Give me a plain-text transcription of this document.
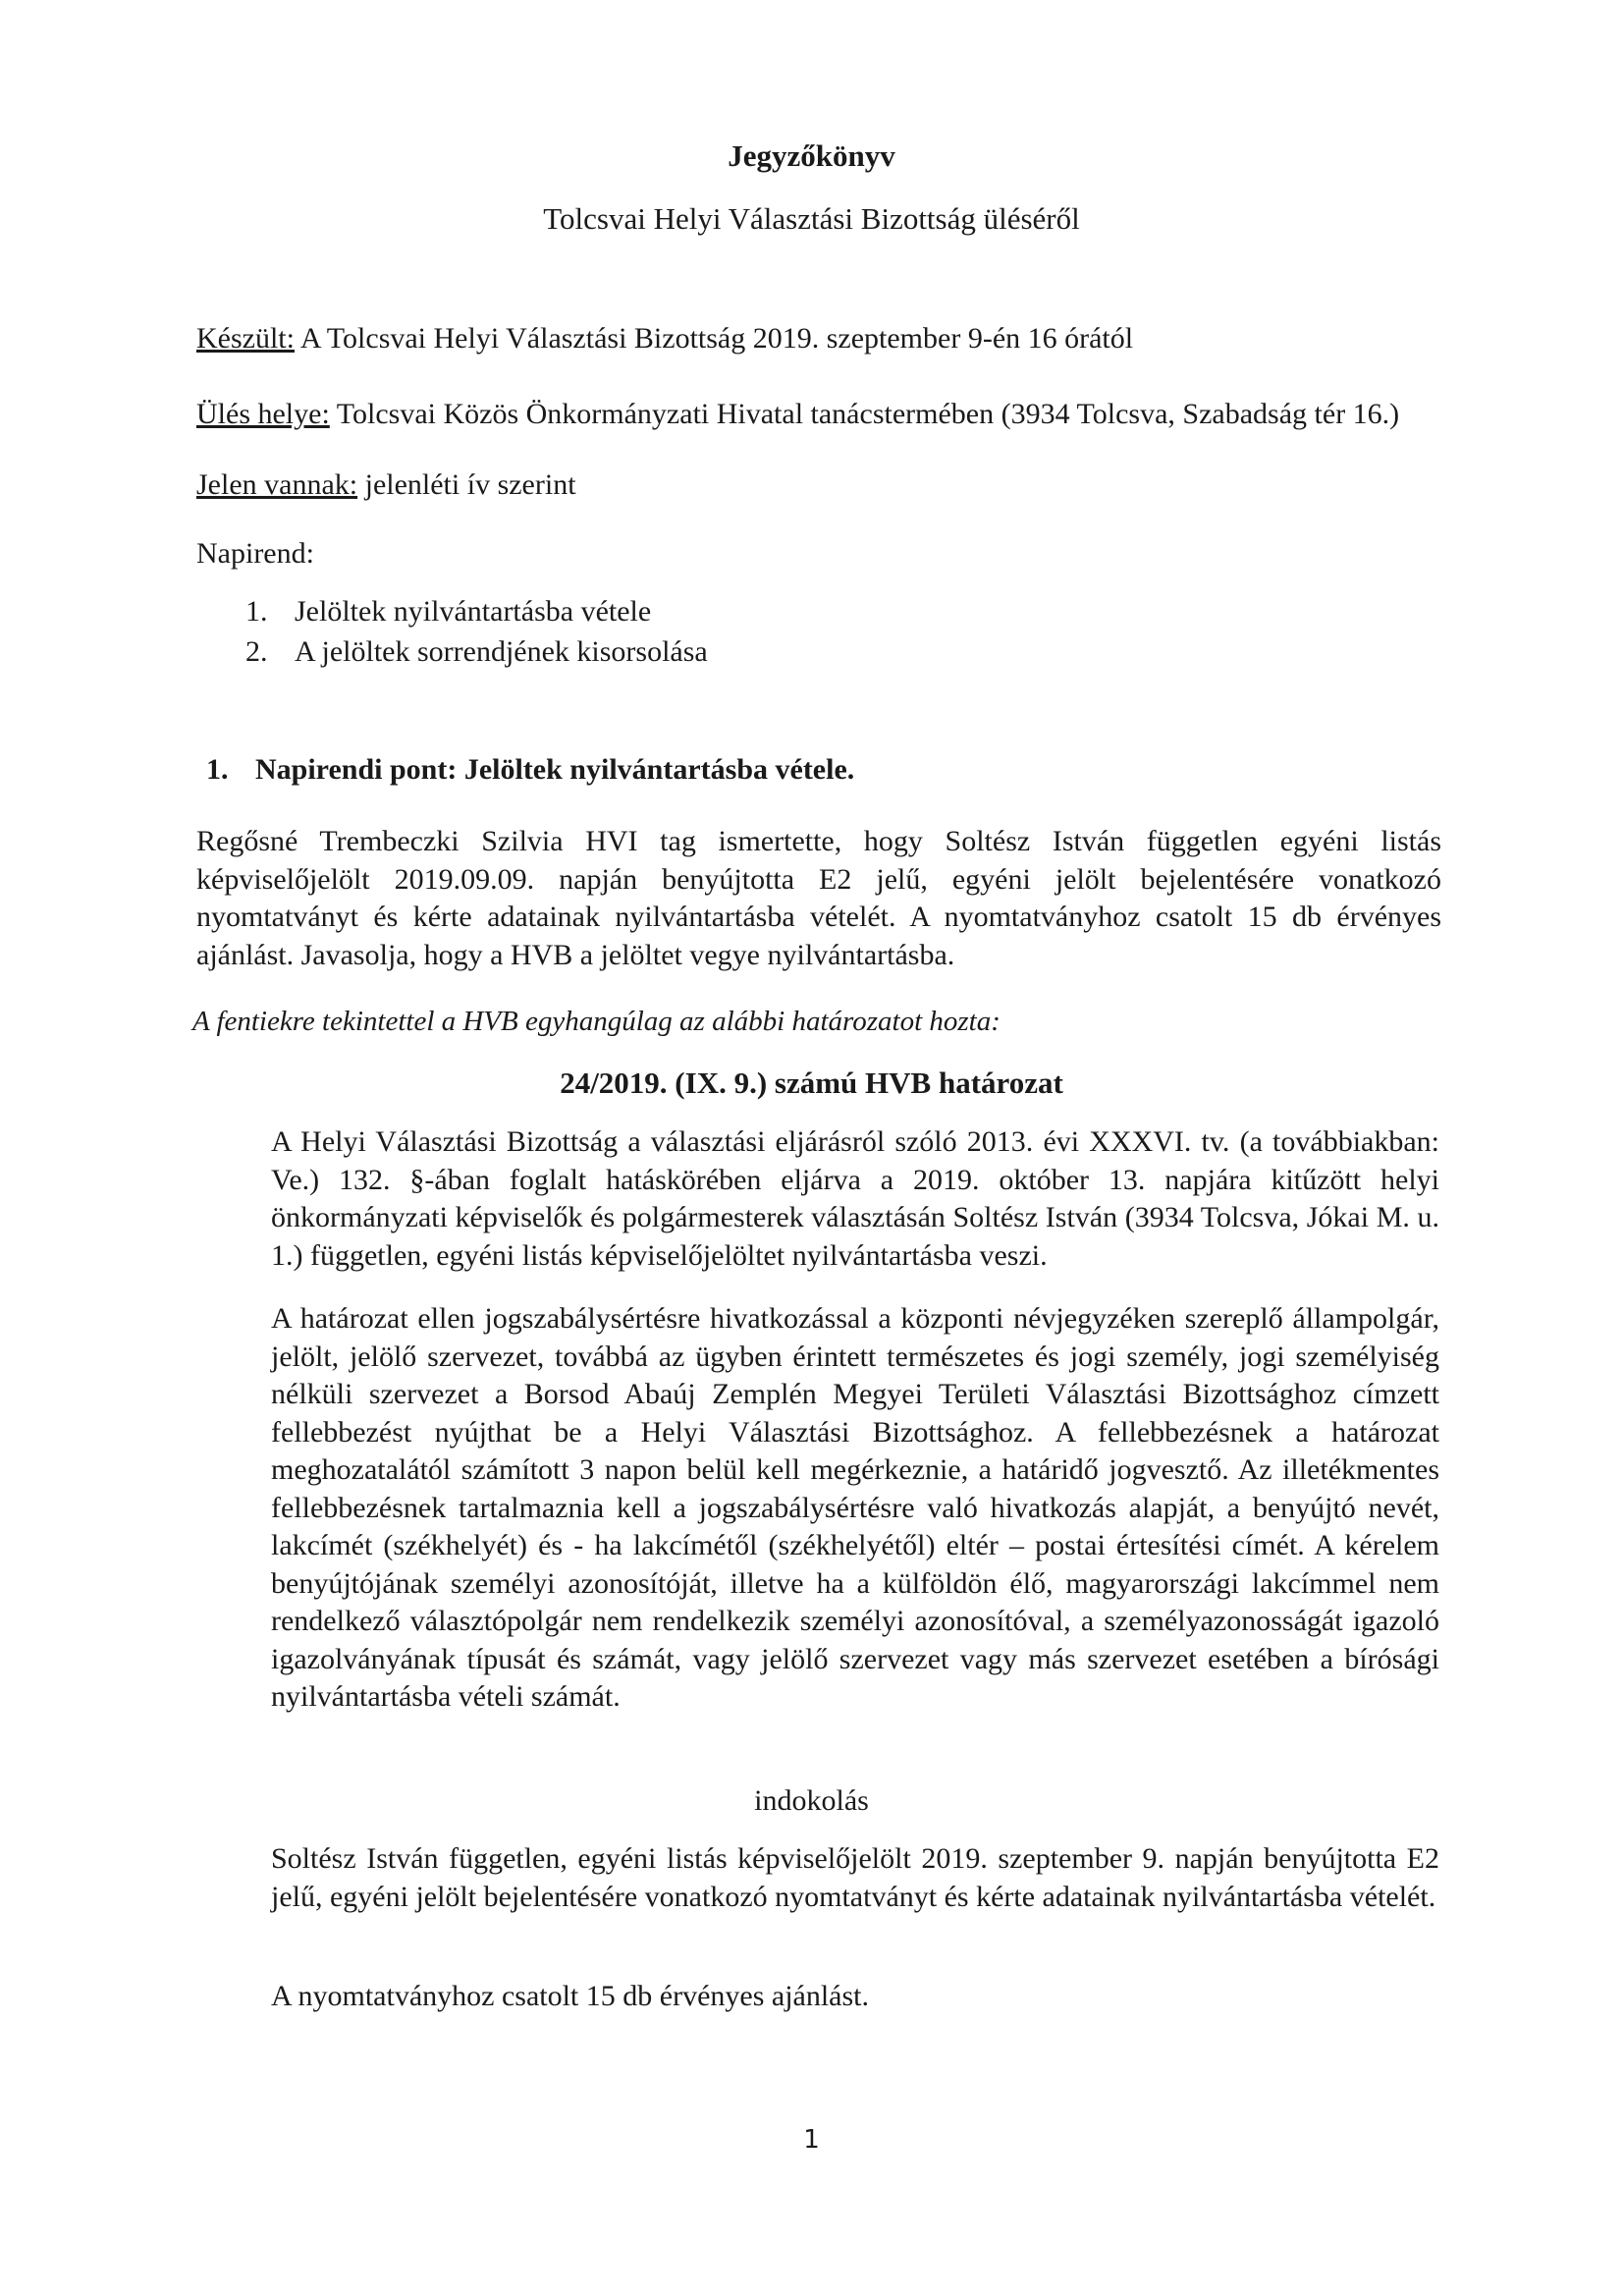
Jegyzőkönyv
Tolcsvai Helyi Választási Bizottság üléséről
Készült: A Tolcsvai Helyi Választási Bizottság 2019. szeptember 9-én 16 órától
Ülés helye: Tolcsvai Közös Önkormányzati Hivatal tanácstermében (3934 Tolcsva, Szabadság tér 16.)
Jelen vannak: jelenléti ív szerint
Napirend:
1. Jelöltek nyilvántartásba vétele
2. A jelöltek sorrendjének kisorsolása
1. Napirendi pont: Jelöltek nyilvántartásba vétele.

Regősné Trembeczki Szilvia HVI tag ismertette, hogy Soltész István független egyéni listás képviselőjelölt 2019.09.09. napján benyújtotta E2 jelű, egyéni jelölt bejelentésére vonatkozó nyomtatványt és kérte adatainak nyilvántartásba vételét. A nyomtatványhoz csatolt 15 db érvényes ajánlást. Javasolja, hogy a HVB a jelöltet vegye nyilvántartásba.

A fentiekre tekintettel a HVB egyhangúlag az alábbi határozatot hozta:
24/2019. (IX. 9.) számú HVB határozat

A Helyi Választási Bizottság a választási eljárásról szóló 2013. évi XXXVI. tv. (a továbbiakban: Ve.) 132. §-ában foglalt hatáskörében eljárva a 2019. október 13. napjára kitűzött helyi önkormányzati képviselők és polgármesterek választásán Soltész István (3934 Tolcsva, Jókai M. u. 1.) független, egyéni listás képviselőjelöltet nyilvántartásba veszi.

A határozat ellen jogszabálysértésre hivatkozással a központi névjegyzéken szereplő állampolgár, jelölt, jelölő szervezet, továbbá az ügyben érintett természetes és jogi személy, jogi személyiség nélküli szervezet a Borsod Abaúj Zemplén Megyei Területi Választási Bizottsághoz címzett fellebbezést nyújthat be a Helyi Választási Bizottsághoz. A fellebbezésnek a határozat meghozatalától számított 3 napon belül kell megérkeznie, a határidő jogvesztő. Az illetékmentes fellebbezésnek tartalmaznia kell a jogszabálysértésre való hivatkozás alapját, a benyújtó nevét, lakcímét (székhelyét) és - ha lakcímétől (székhelyétől) eltér – postai értesítési címét. A kérelem benyújtójának személyi azonosítóját, illetve ha a külföldön élő, magyarországi lakcímmel nem rendelkező választópolgár nem rendelkezik személyi azonosítóval, a személyazonosságát igazoló igazolványának típusát és számát, vagy jelölő szervezet vagy más szervezet esetében a bírósági nyilvántartásba vételi számát.

indokolás

Soltész István független, egyéni listás képviselőjelölt 2019. szeptember 9. napján benyújtotta E2 jelű, egyéni jelölt bejelentésére vonatkozó nyomtatványt és kérte adatainak nyilvántartásba vételét.

A nyomtatványhoz csatolt 15 db érvényes ajánlást.

1
